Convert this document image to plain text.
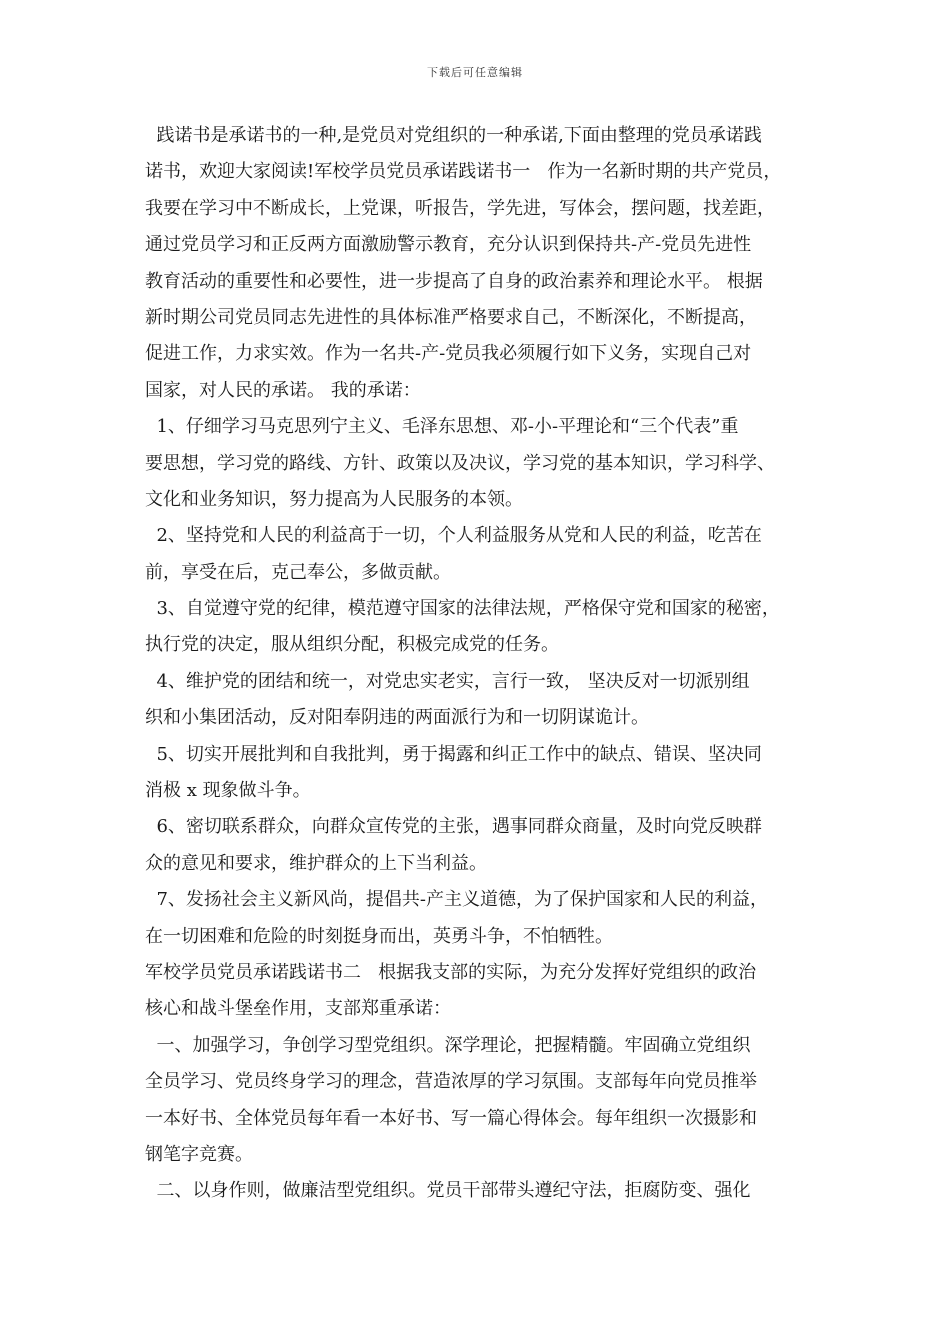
下载后可任意编辑
践诺书是承诺书的一种,是党员对党组织的一种承诺,下面由整理的党员承诺践
诺书，欢迎大家阅读!军校学员党员承诺践诺书一   作为一名新时期的共产党员，
我要在学习中不断成长，上党课，听报告，学先进，写体会，摆问题，找差距，
通过党员学习和正反两方面激励警示教育，充分认识到保持共-产-党员先进性
教育活动的重要性和必要性，进一步提高了自身的政治素养和理论水平。 根据
新时期公司党员同志先进性的具体标准严格要求自己，不断深化，不断提高，
促进工作，力求实效。作为一名共-产-党员我必须履行如下义务，实现自己对
国家，对人民的承诺。 我的承诺：
1、仔细学习马克思列宁主义、毛泽东思想、邓-小-平理论和“三个代表”重
要思想，学习党的路线、方针、政策以及决议，学习党的基本知识，学习科学、
文化和业务知识，努力提高为人民服务的本领。
2、坚持党和人民的利益高于一切，个人利益服务从党和人民的利益，吃苦在
前，享受在后，克己奉公，多做贡献。
3、自觉遵守党的纪律，模范遵守国家的法律法规，严格保守党和国家的秘密，
执行党的决定，服从组织分配，积极完成党的任务。
4、维护党的团结和统一，对党忠实老实，言行一致， 坚决反对一切派别组
织和小集团活动，反对阳奉阴违的两面派行为和一切阴谋诡计。
5、切实开展批判和自我批判，勇于揭露和纠正工作中的缺点、错误、坚决同
消极 x 现象做斗争。
6、密切联系群众，向群众宣传党的主张，遇事同群众商量，及时向党反映群
众的意见和要求，维护群众的上下当利益。
7、发扬社会主义新风尚，提倡共-产主义道德，为了保护国家和人民的利益，
在一切困难和危险的时刻挺身而出，英勇斗争，不怕牺牲。
军校学员党员承诺践诺书二   根据我支部的实际，为充分发挥好党组织的政治
核心和战斗堡垒作用，支部郑重承诺：
一、加强学习，争创学习型党组织。深学理论，把握精髓。牢固确立党组织
全员学习、党员终身学习的理念，营造浓厚的学习氛围。支部每年向党员推举
一本好书、全体党员每年看一本好书、写一篇心得体会。每年组织一次摄影和
钢笔字竞赛。
二、以身作则，做廉洁型党组织。党员干部带头遵纪守法，拒腐防变、强化
